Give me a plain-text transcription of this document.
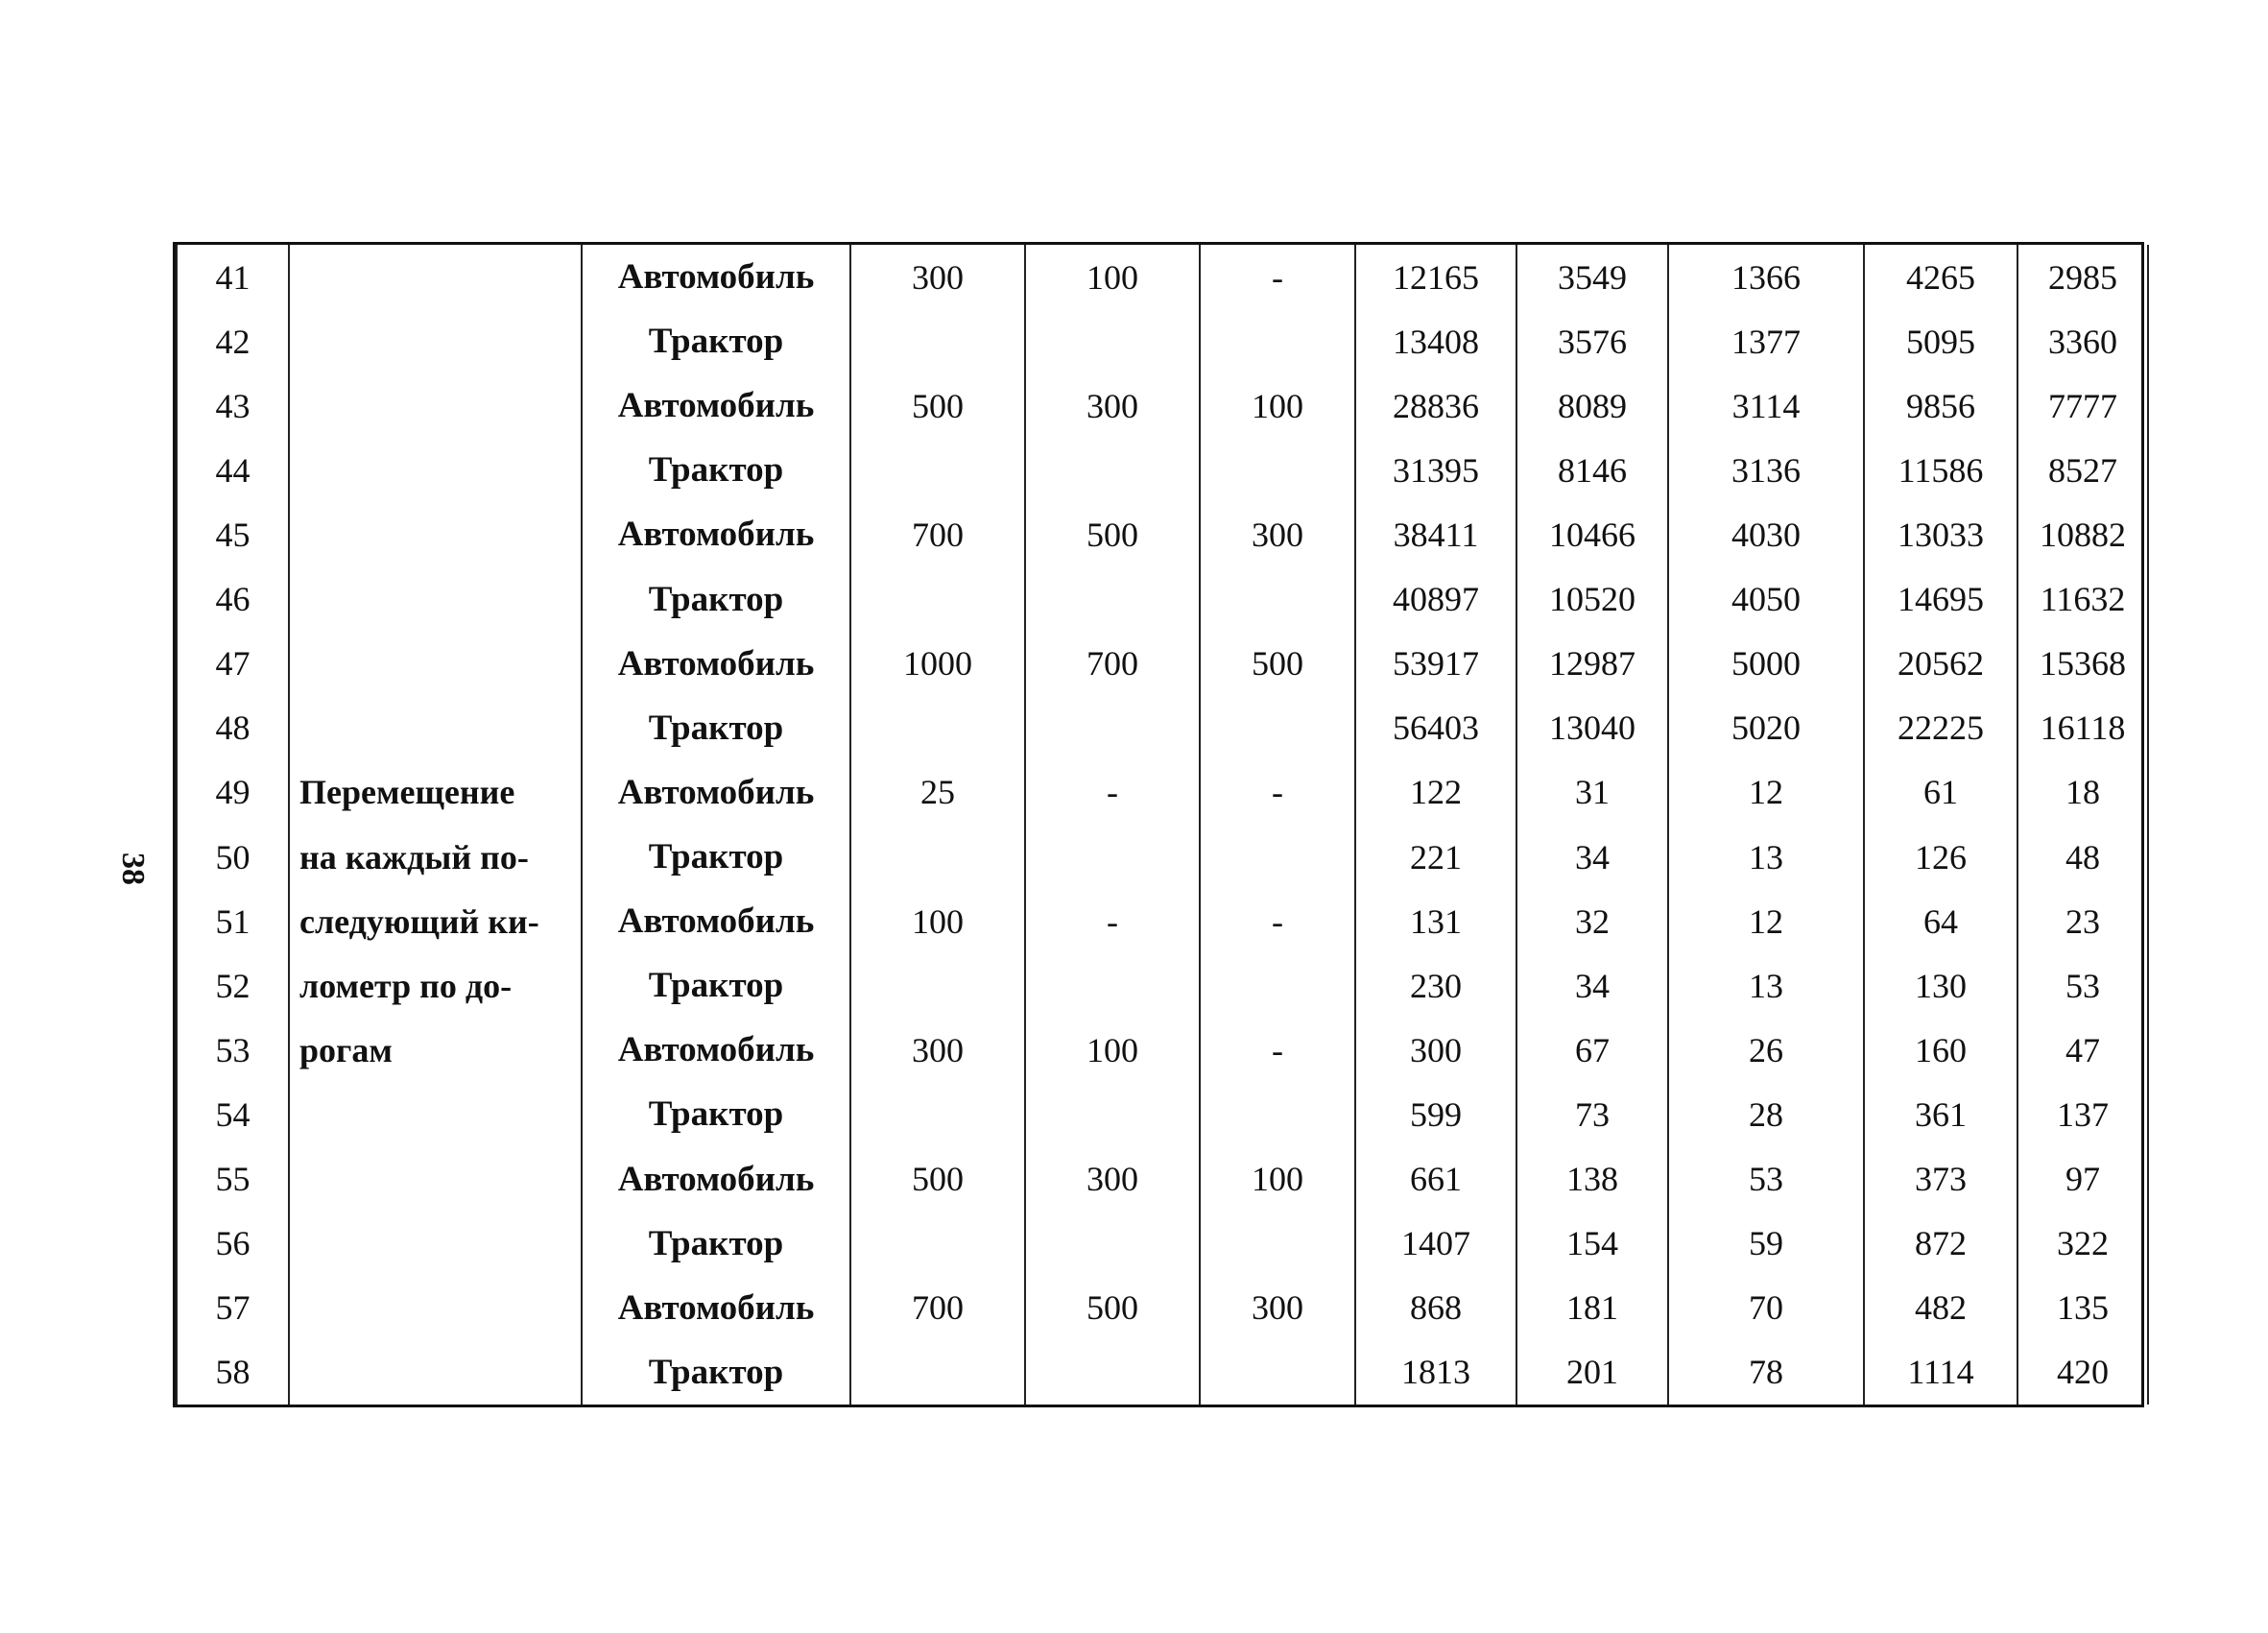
38
41		Автомобиль	300	100	-	12165	3549	1366	4265	2985
42		Трактор				13408	3576	1377	5095	3360
43		Автомобиль	500	300	100	28836	8089	3114	9856	7777
44		Трактор				31395	8146	3136	11586	8527
45		Автомобиль	700	500	300	38411	10466	4030	13033	10882
46		Трактор				40897	10520	4050	14695	11632
47		Автомобиль	1000	700	500	53917	12987	5000	20562	15368
48		Трактор				56403	13040	5020	22225	16118
49	Перемещение	Автомобиль	25	-	-	122	31	12	61	18
50	на каждый по-	Трактор				221	34	13	126	48
51	следующий ки-	Автомобиль	100	-	-	131	32	12	64	23
52	лометр по до-	Трактор				230	34	13	130	53
53	рогам	Автомобиль	300	100	-	300	67	26	160	47
54		Трактор				599	73	28	361	137
55		Автомобиль	500	300	100	661	138	53	373	97
56		Трактор				1407	154	59	872	322
57		Автомобиль	700	500	300	868	181	70	482	135
58		Трактор				1813	201	78	1114	420
